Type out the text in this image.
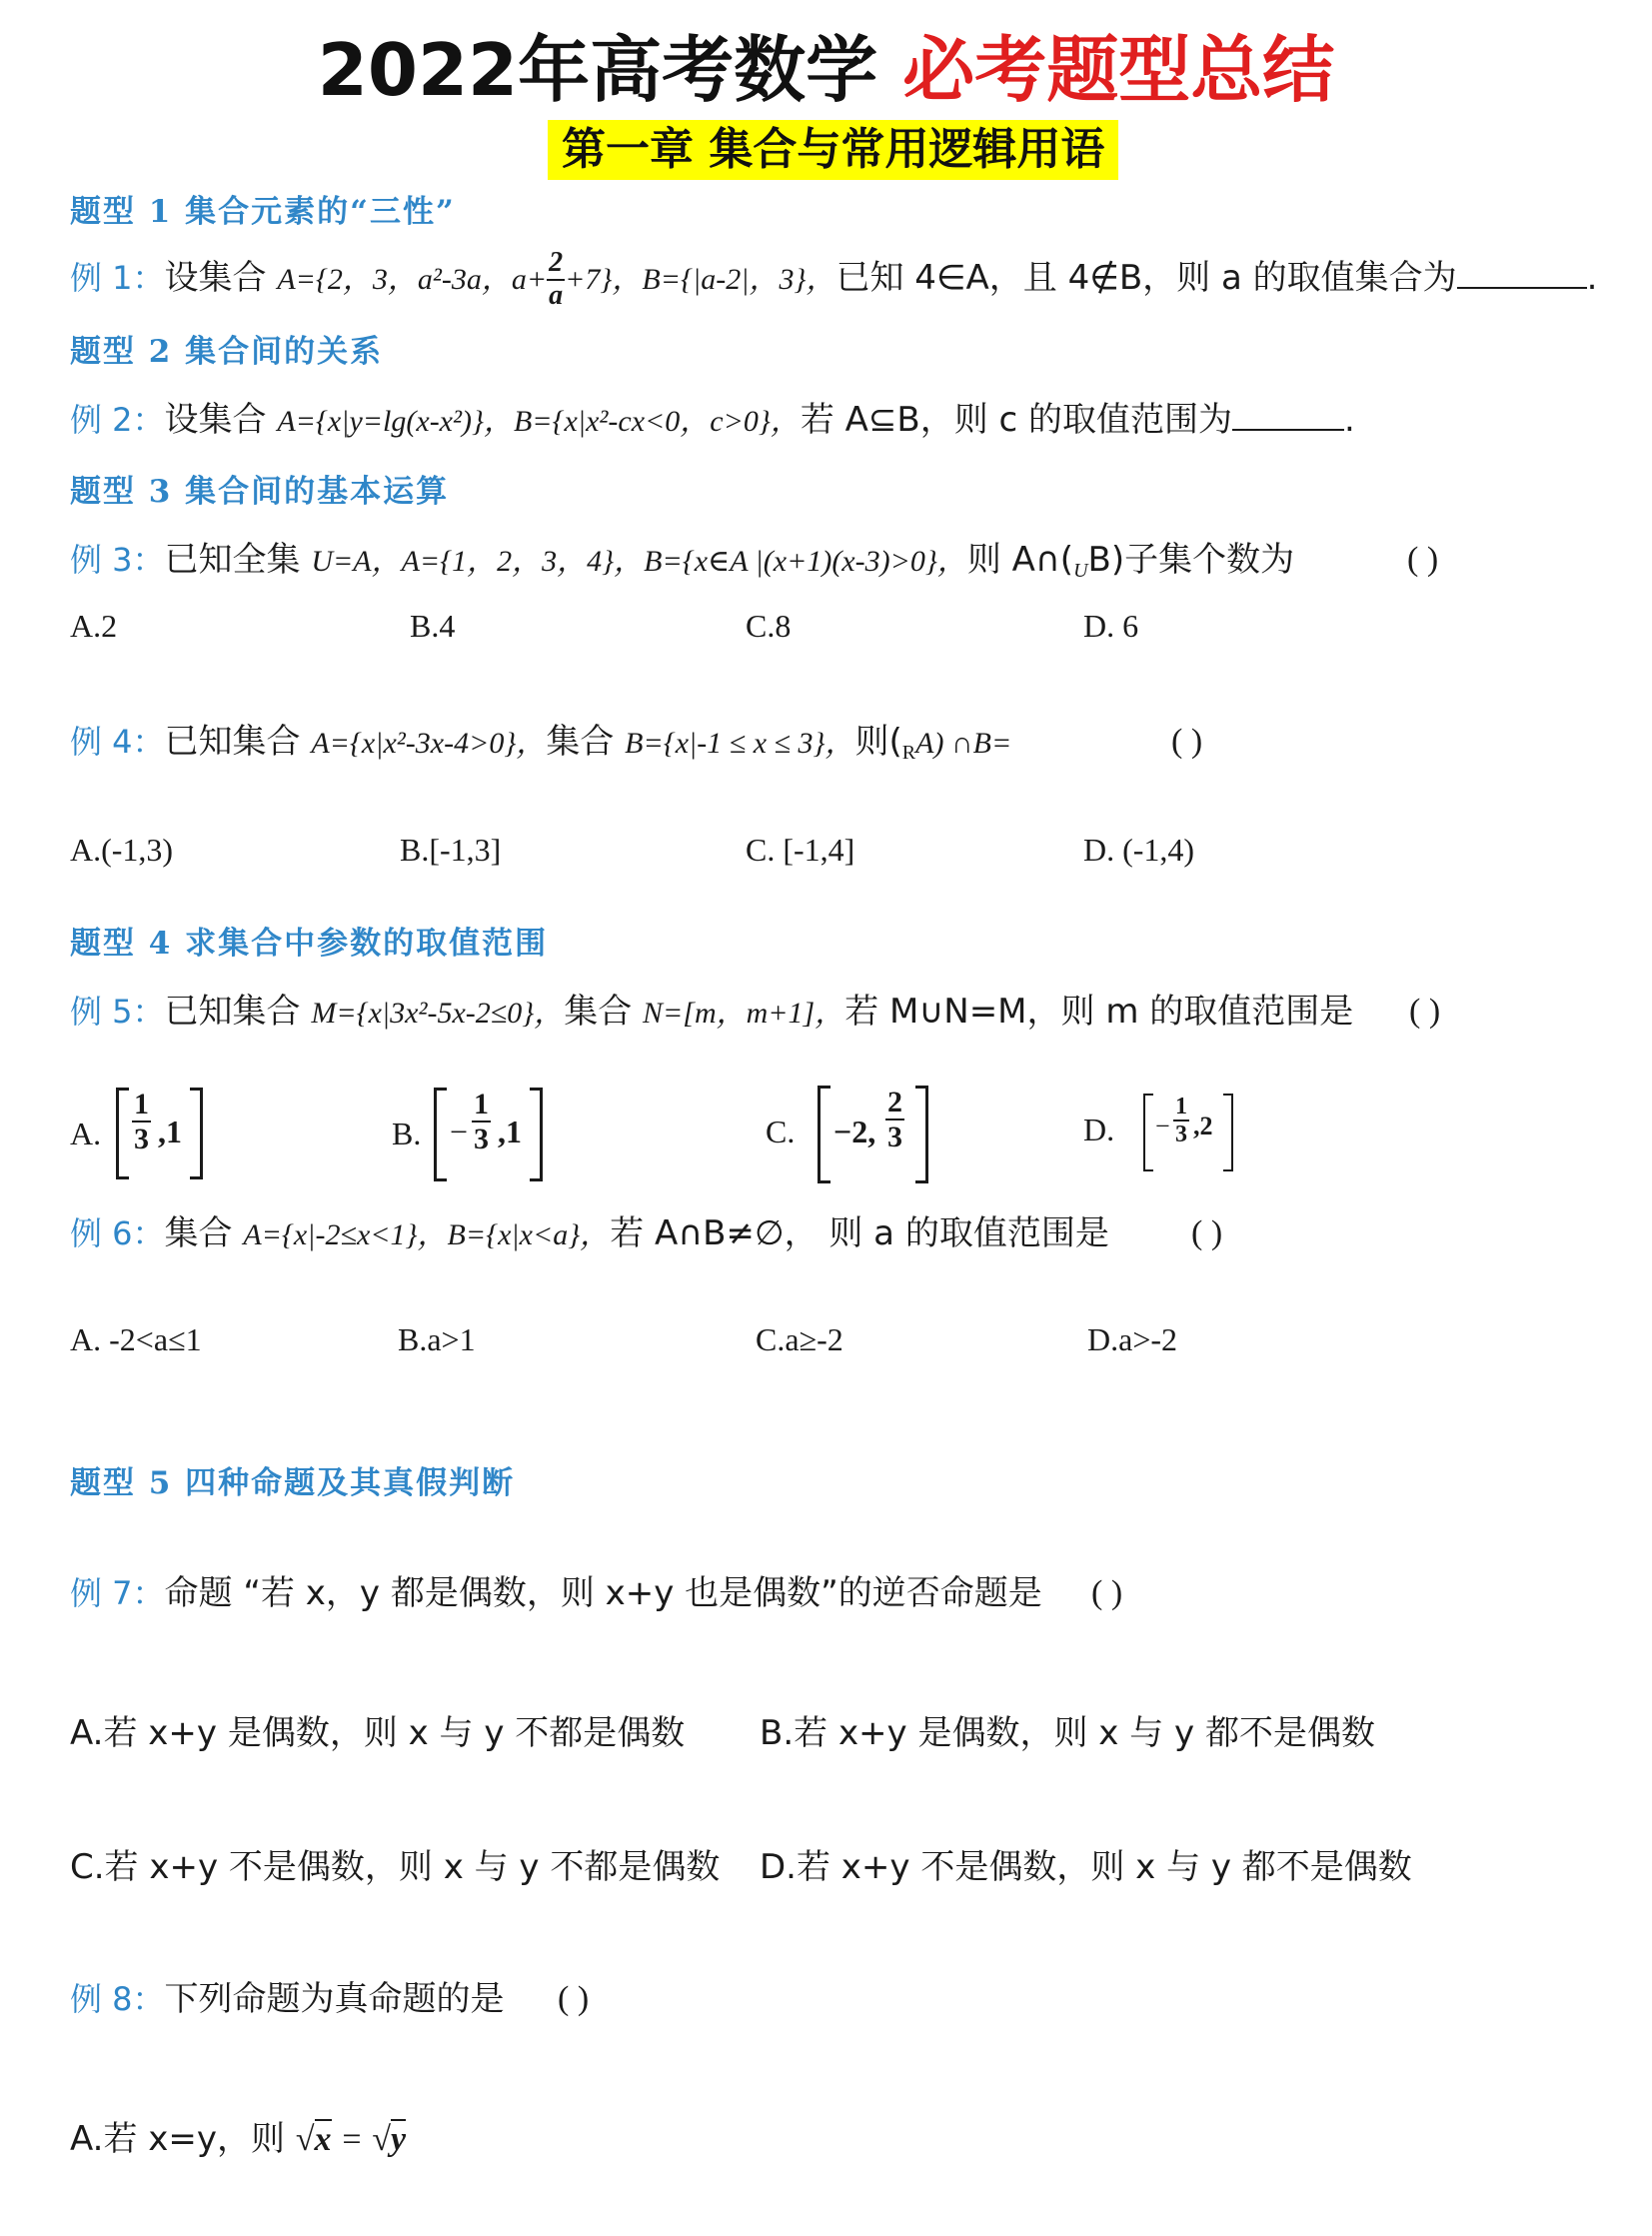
2022年高考数学 必考题型总结
第一章 集合与常用逻辑用语
题型 1 集合元素的“三性”
例 1：设集合 A={2，3，a²-3a，$a+ \frac{2}{a} +7$}，B={|a-2|，3}，已知 4∈A，且 4∉B，则 a 的取值集合为	.
题型 2 集合间的关系
例 2：设集合 A={x|y=lg(x-x²)}，B={x|x²-cx<0，c>0}，若 A⊆B，则 c 的取值范围为	.
题型 3 集合间的基本运算
例 3：已知全集 U=A，A={1，2，3，4}，B={x∈A |(x+1)(x-3)>0}，则 A∩(UB)子集个数为	( )
A.2	B.4	C.8	D. 6
例 4：已知集合 A={x|x²-3x-4>0}，集合 B={x|-1 ≤ x ≤ 3}，则(RA) ∩B=	( )
A.(-1,3)	B.[-1,3]	C. [-1,4]	D. (-1,4)
题型 4 求集合中参数的取值范围
例 5：已知集合 M={x|3x²-5x-2≤0}，集合 N=[m，m+1]，若 M∪N=M，则 m 的取值范围是 ( )
A. $\frac{1}{3} ,1$	B. − $\frac{1}{3} ,1$	C. −2, $\frac{2}{3}$	D. − $\frac{1}{3} ,2$
例 6：集合 A={x|-2≤x<1}，B={x|x<a}，若 A∩B≠∅， 则 a 的取值范围是 ( )
A. -2<a≤1	B.a>1	C.a≥-2	D.a>-2
题型 5 四种命题及其真假判断
例 7：命题 “若 x，y 都是偶数，则 x+y 也是偶数”的逆否命题是 ( )
A.若 x+y 是偶数，则 x 与 y 不都是偶数 B.若 x+y 是偶数，则 x 与 y 都不是偶数
C.若 x+y 不是偶数，则 x 与 y 不都是偶数 D.若 x+y 不是偶数，则 x 与 y 都不是偶数
例 8：下列命题为真命题的是 ( )
A.若 x=y，则 √x = √y
